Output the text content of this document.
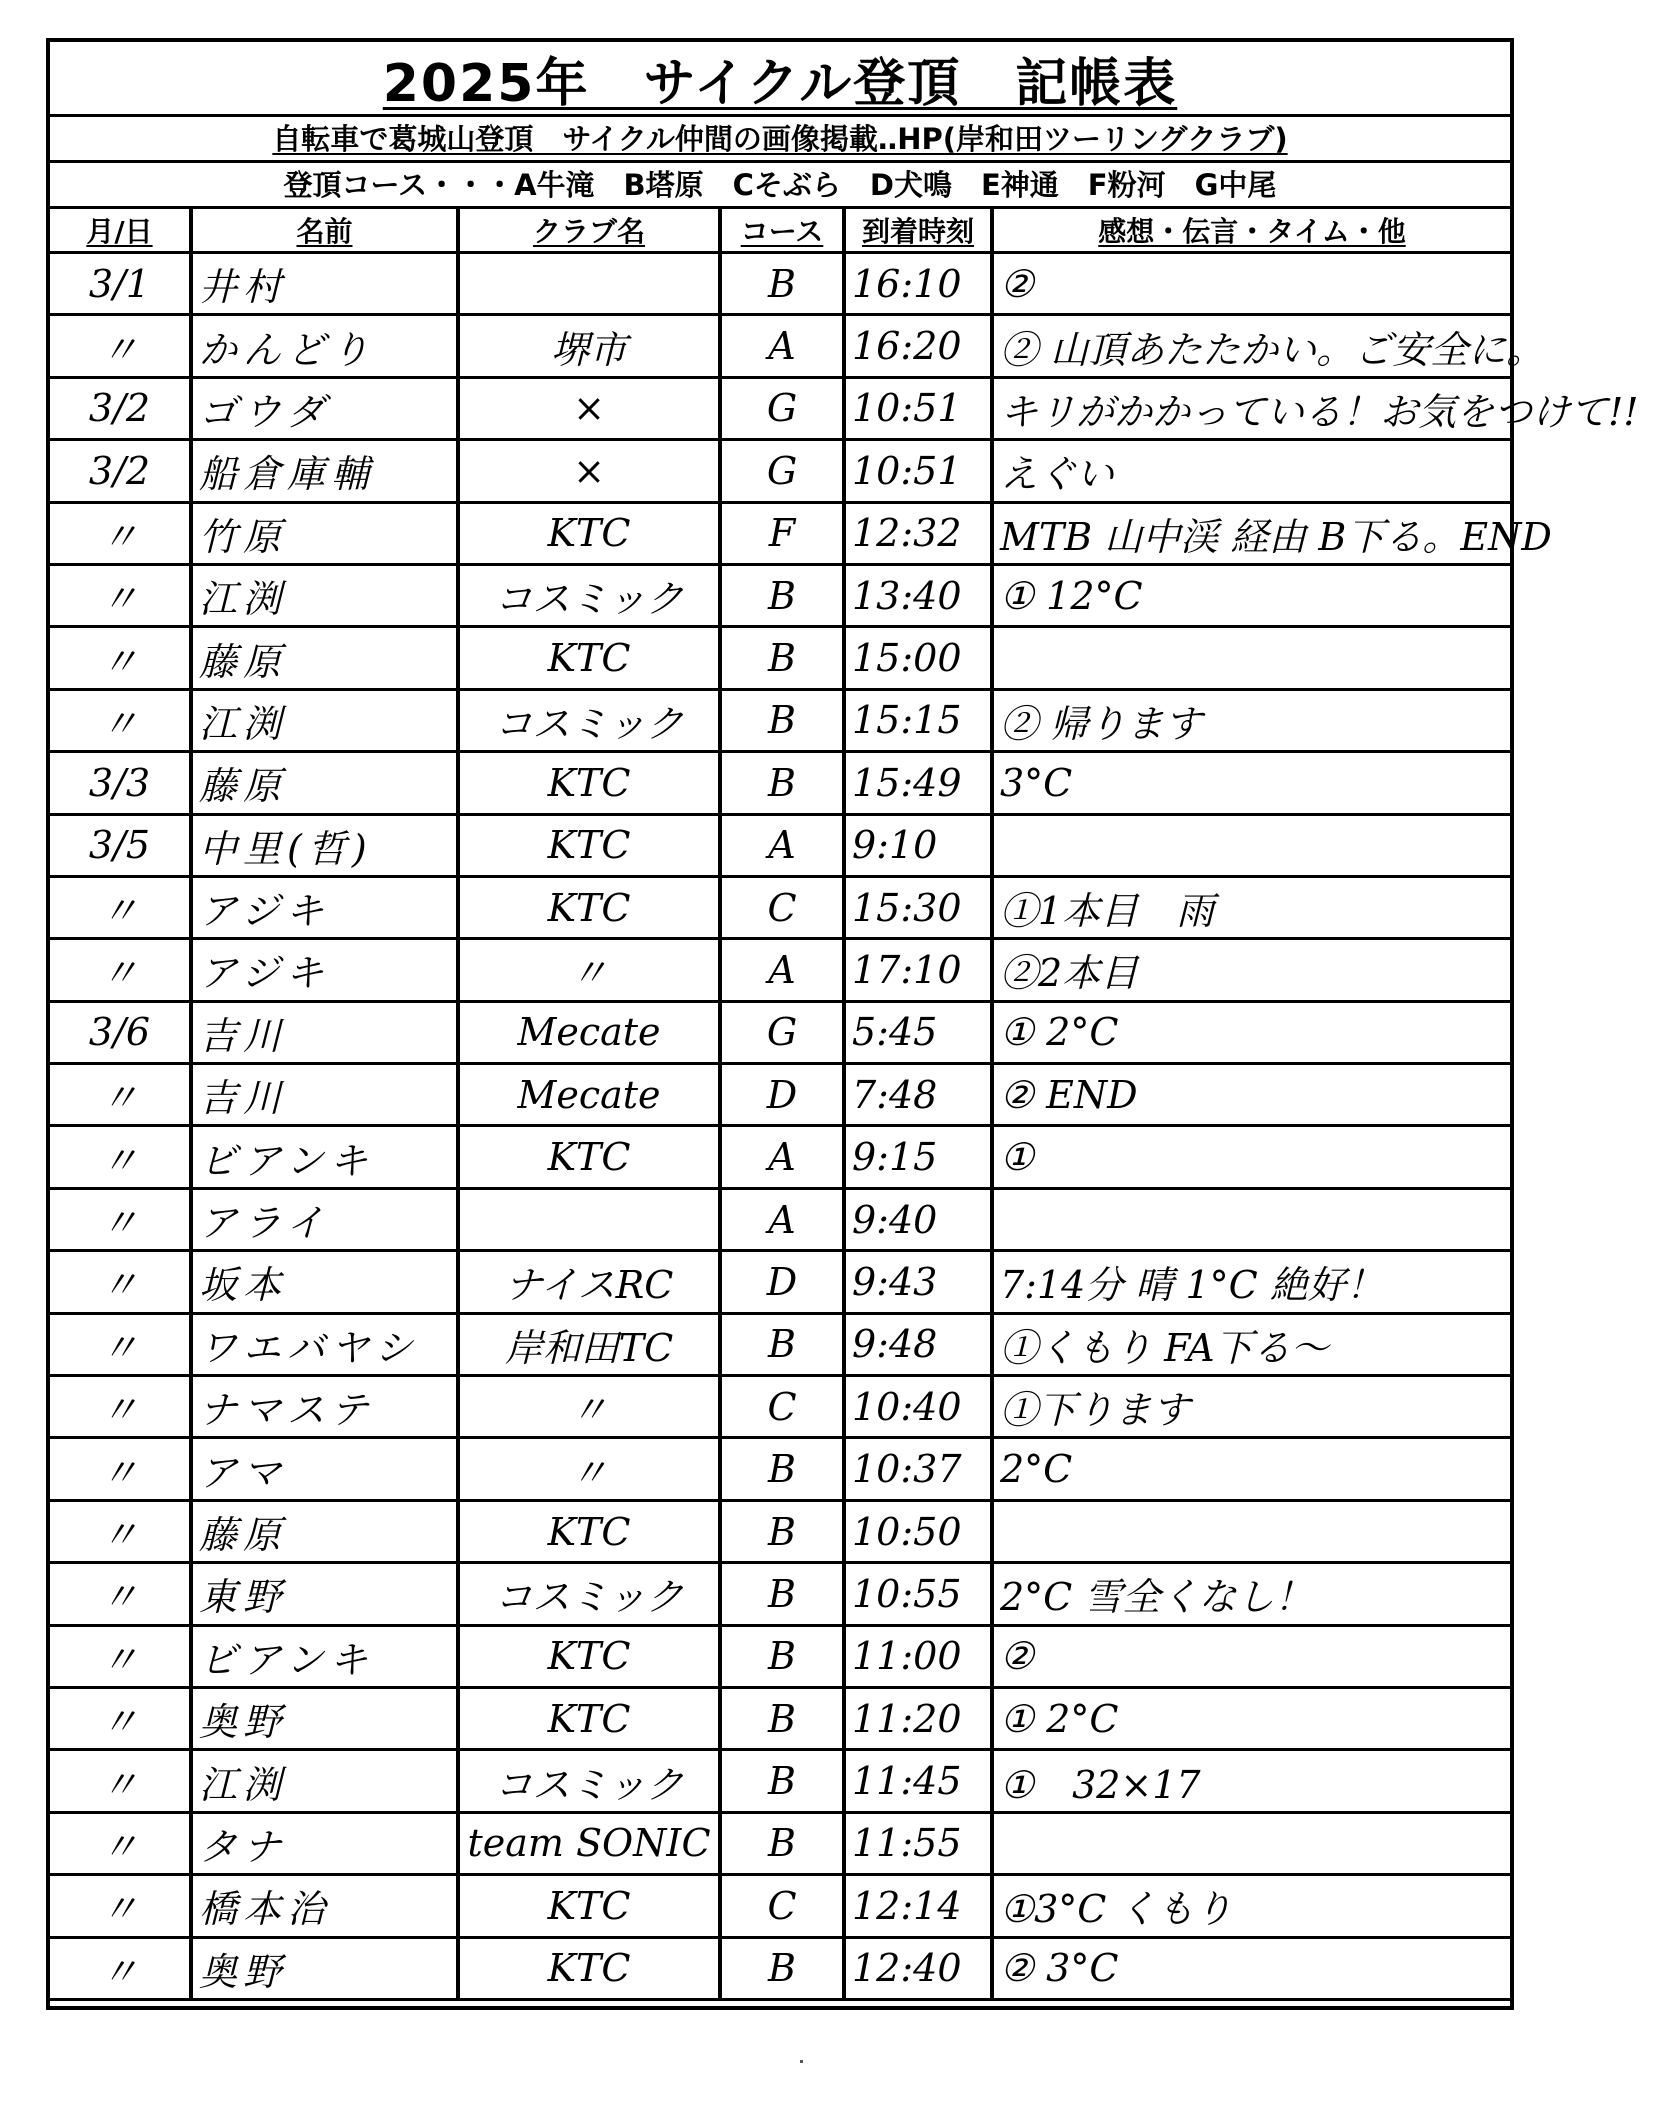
2025年　サイクル登頂　記帳表
自転車で葛城山登頂　サイクル仲間の画像掲載‥HP(岸和田ツーリングクラブ)
登頂コース・・・A牛滝　B塔原　Cそぶら　D犬鳴　E神通　F粉河　G中尾
月/日	名前	クラブ名	コース	到着時刻	感想・伝言・タイム・他
3/1	井村		B	16:10	②
〃	かんどり	堺市	A	16:20	② 山頂あたたかい。ご安全に。
3/2	ゴウダ	×	G	10:51	キリがかかっている！お気をつけて!!
3/2	船倉庫輔	×	G	10:51	えぐい
〃	竹原	KTC	F	12:32	MTB 山中渓 経由 B下る。END
〃	江渕	コスミック	B	13:40	① 12°C
〃	藤原	KTC	B	15:00	
〃	江渕	コスミック	B	15:15	② 帰ります
3/3	藤原	KTC	B	15:49	3°C
3/5	中里(哲)	KTC	A	9:10	
〃	アジキ	KTC	C	15:30	①1本目　雨
〃	アジキ	〃	A	17:10	②2本目
3/6	吉川	Mecate	G	5:45	① 2°C
〃	吉川	Mecate	D	7:48	② END
〃	ビアンキ	KTC	A	9:15	①
〃	アライ		A	9:40	
〃	坂本	ナイスRC	D	9:43	7:14分 晴 1°C 絶好！
〃	ワエバヤシ	岸和田TC	B	9:48	①くもり FA下る～
〃	ナマステ	〃	C	10:40	①下ります
〃	アマ	〃	B	10:37	2°C
〃	藤原	KTC	B	10:50	
〃	東野	コスミック	B	10:55	2°C 雪全くなし！
〃	ビアンキ	KTC	B	11:00	②
〃	奥野	KTC	B	11:20	① 2°C
〃	江渕	コスミック	B	11:45	①　32×17
〃	タナ	team SONIC	B	11:55	
〃	橋本治	KTC	C	12:14	①3°C くもり
〃	奥野	KTC	B	12:40	② 3°C
